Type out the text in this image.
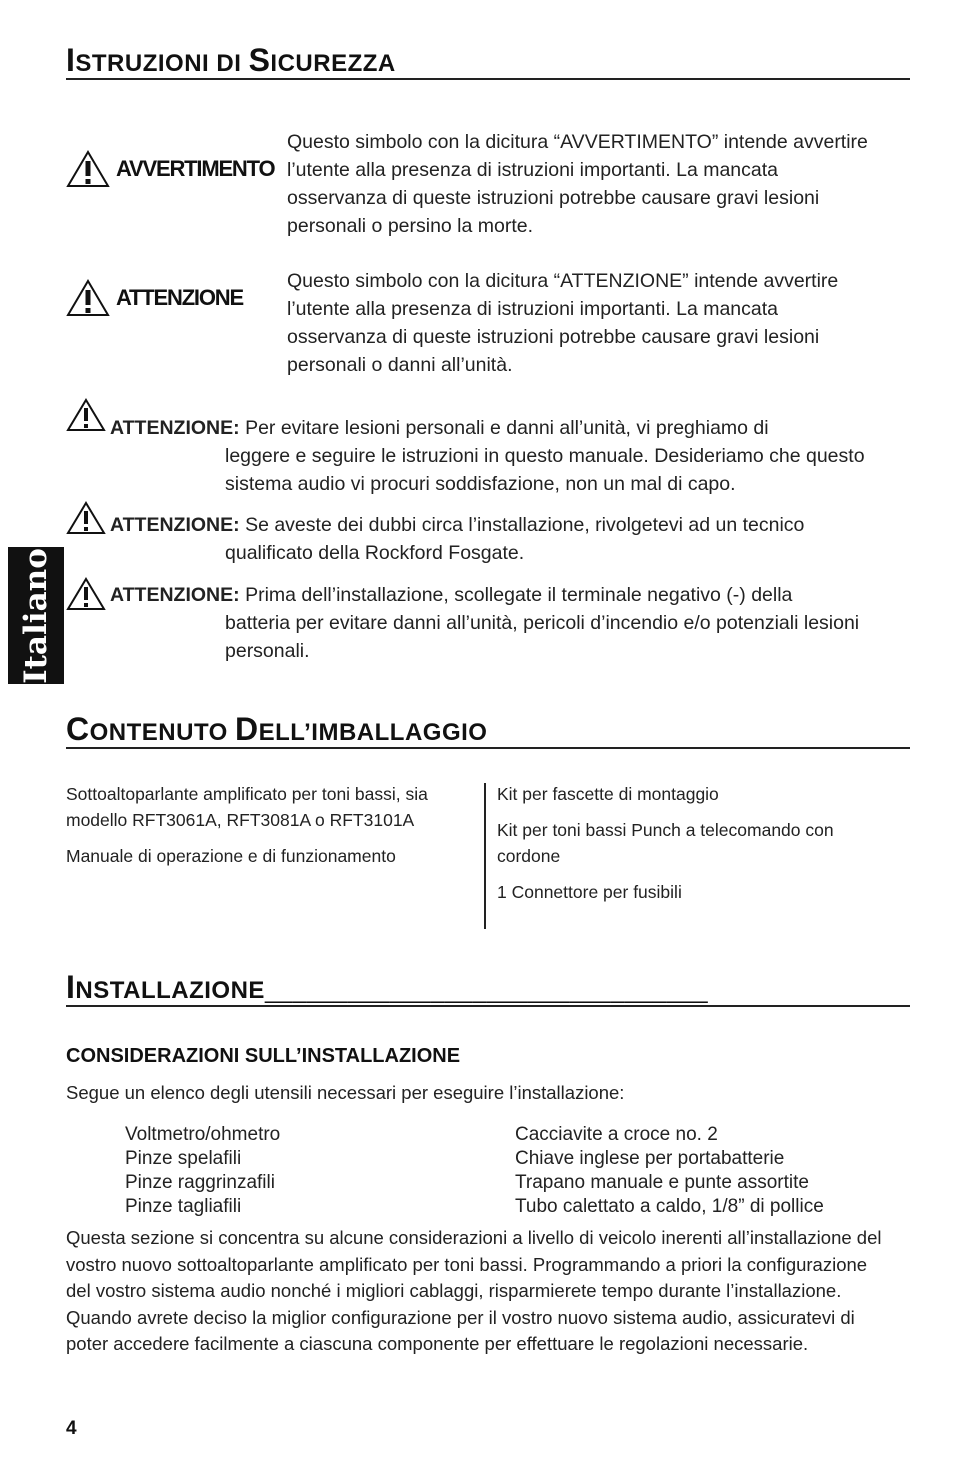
Italiano
ISTRUZIONI DI SICUREZZA
AVVERTIMENTO
Questo simbolo con la dicitura “AVVERTIMENTO” intende avvertire l’utente alla presenza di istruzioni importanti. La mancata osservanza di queste istruzioni potrebbe causare gravi lesioni personali o persino la morte.
ATTENZIONE
Questo simbolo con la dicitura “ATTENZIONE” intende avvertire l’utente alla presenza di istruzioni importanti. La mancata osservanza di queste istruzioni potrebbe causare gravi lesioni personali o danni all’unità.
ATTENZIONE: Per evitare lesioni personali e danni all’unità, vi preghiamo di
leggere e seguire le istruzioni in questo manuale. Desideriamo che questo sistema audio vi procuri soddisfazione, non un mal di capo.
ATTENZIONE: Se aveste dei dubbi circa l’installazione, rivolgetevi ad un tecnico
qualificato della Rockford Fosgate.
ATTENZIONE: Prima dell’installazione, scollegate il terminale negativo (-) della
batteria per evitare danni all’unità, pericoli d’incendio e/o potenziali lesioni personali.
CONTENUTO DELL’IMBALLAGGIO

Sottoaltoparlante amplificato per toni bassi, sia modello RFT3061A, RFT3081A o RFT3101A

Manuale di operazione e di funzionamento

Kit per fascette di montaggio

Kit per toni bassi Punch a telecomando con cordone

1 Connettore per fusibili

INSTALLAZIONE________________________________
CONSIDERAZIONI SULL’INSTALLAZIONE
Segue un elenco degli utensili necessari per eseguire l’installazione:
Voltmetro/ohmetro
Pinze spelafili
Pinze raggrinzafili
Pinze tagliafili
Cacciavite a croce no. 2
Chiave inglese per portabatterie
Trapano manuale e punte assortite
Tubo calettato a caldo, 1/8” di pollice
Questa sezione si concentra su alcune considerazioni a livello di veicolo inerenti all’installazione del vostro nuovo sottoaltoparlante amplificato per toni bassi. Programmando a priori la configurazione del vostro sistema audio nonché i migliori cablaggi, risparmierete tempo durante l’installazione. Quando avrete deciso la miglior configurazione per il vostro nuovo sistema audio, assicuratevi di poter accedere facilmente a ciascuna componente per effettuare le regolazioni necessarie.
4
